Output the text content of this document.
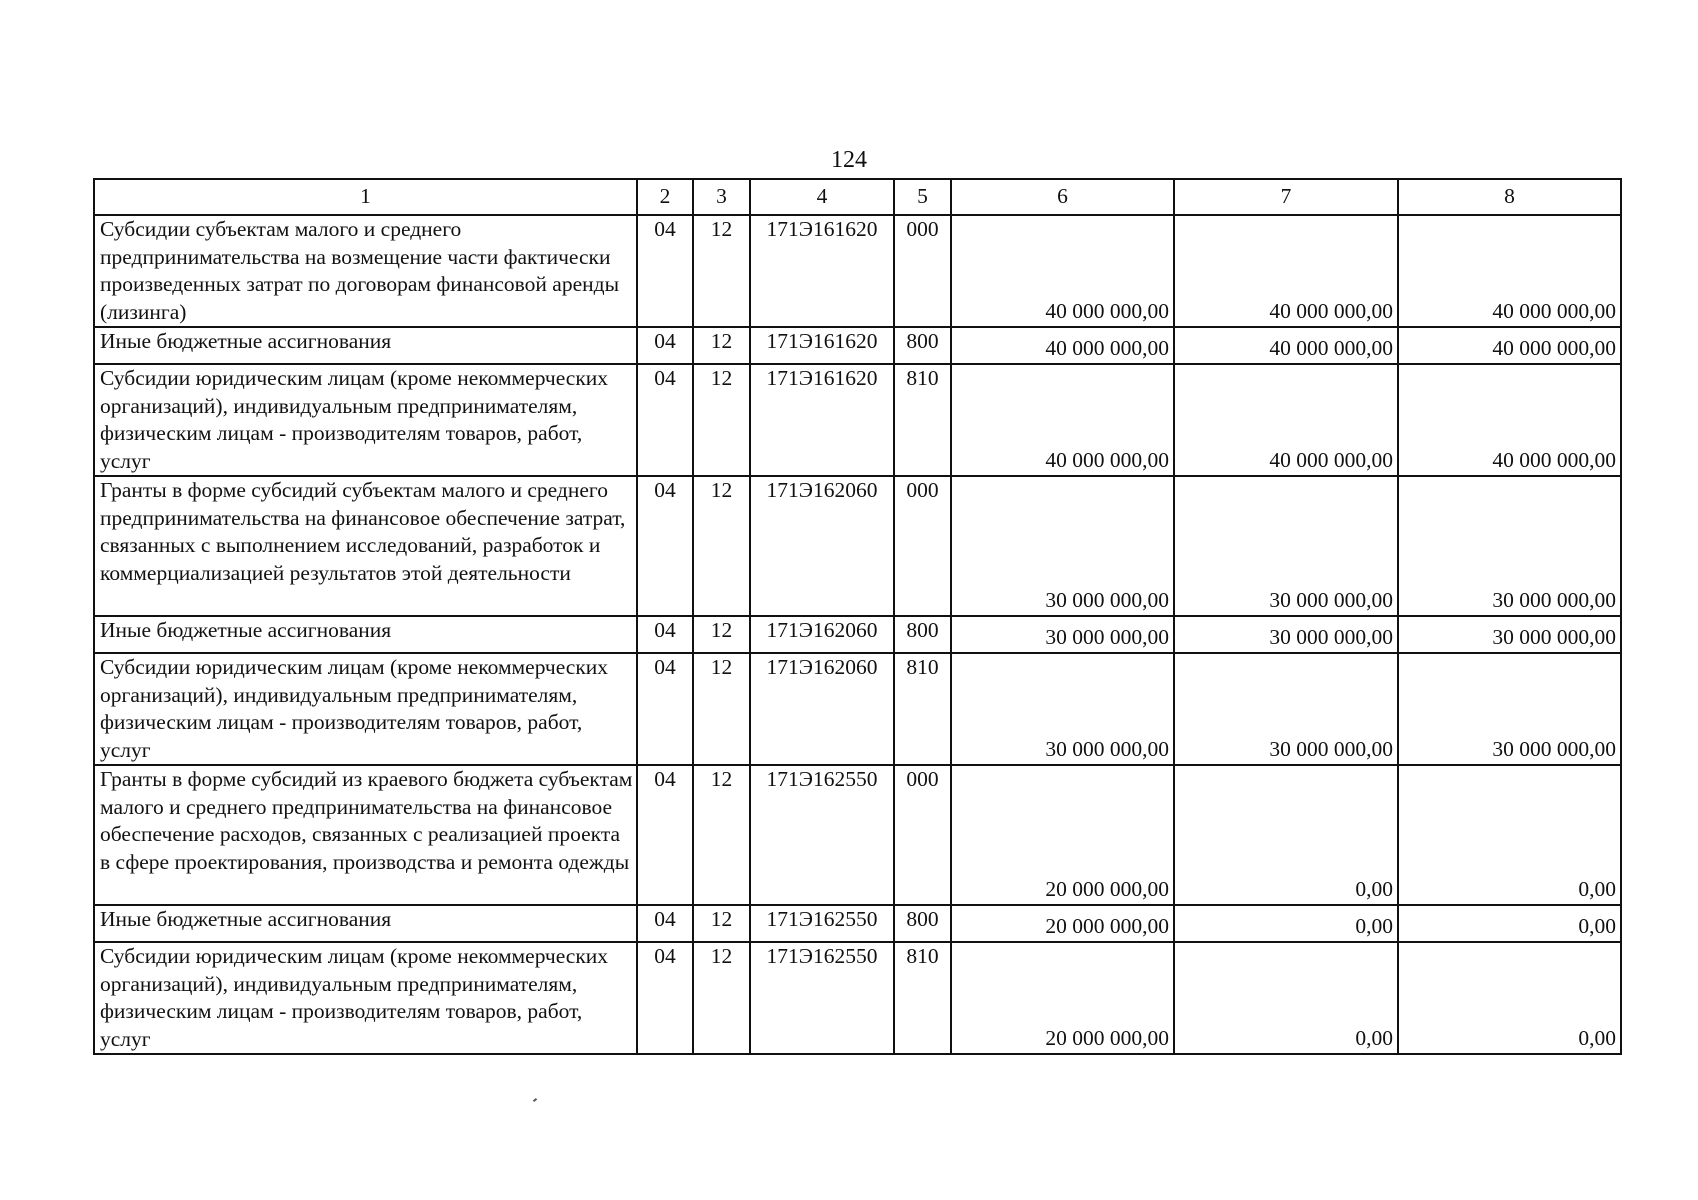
124
1	2	3	4	5	6	7	8
Субсидии субъектам малого и среднего предпринимательства на возмещение части фактически произведенных затрат по договорам финансовой аренды (лизинга)	04	12	171Э161620	000	40 000 000,00	40 000 000,00	40 000 000,00

Иные бюджетные ассигнования	04	12	171Э161620	800	40 000 000,00	40 000 000,00	40 000 000,00

Субсидии юридическим лицам (кроме некоммерческих организаций), индивидуальным предпринимателям, физическим лицам - производителям товаров, работ, услуг	04	12	171Э161620	810	40 000 000,00	40 000 000,00	40 000 000,00

Гранты в форме субсидий субъектам малого и среднего предпринимательства на финансовое обеспечение затрат, связанных с выполнением исследований, разработок и коммерциализацией результатов этой деятельности	04	12	171Э162060	000	30 000 000,00	30 000 000,00	30 000 000,00

Иные бюджетные ассигнования	04	12	171Э162060	800	30 000 000,00	30 000 000,00	30 000 000,00

Субсидии юридическим лицам (кроме некоммерческих организаций), индивидуальным предпринимателям, физическим лицам - производителям товаров, работ, услуг	04	12	171Э162060	810	30 000 000,00	30 000 000,00	30 000 000,00

Гранты в форме субсидий из краевого бюджета субъектам малого и среднего предпринимательства на финансовое обеспечение расходов, связанных с реализацией проекта в сфере проектирования, производства и ремонта одежды	04	12	171Э162550	000	20 000 000,00	0,00	0,00

Иные бюджетные ассигнования	04	12	171Э162550	800	20 000 000,00	0,00	0,00

Субсидии юридическим лицам (кроме некоммерческих организаций), индивидуальным предпринимателям, физическим лицам - производителям товаров, работ, услуг	04	12	171Э162550	810	20 000 000,00	0,00	0,00
